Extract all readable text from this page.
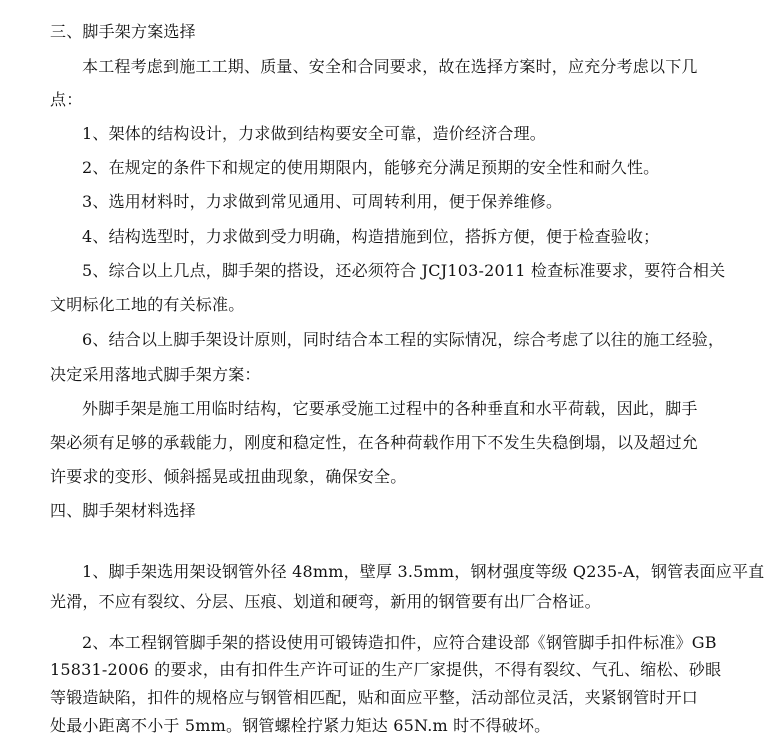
三、脚手架方案选择
本工程考虑到施工工期、质量、安全和合同要求，故在选择方案时，应充分考虑以下几
点：
1、架体的结构设计，力求做到结构要安全可靠，造价经济合理。
2、在规定的条件下和规定的使用期限内，能够充分满足预期的安全性和耐久性。
3、选用材料时，力求做到常见通用、可周转利用，便于保养维修。
4、结构选型时，力求做到受力明确，构造措施到位，搭拆方便，便于检查验收；
5、综合以上几点，脚手架的搭设，还必须符合 JCJ103-2011 检查标准要求，要符合相关
文明标化工地的有关标准。
6、结合以上脚手架设计原则，同时结合本工程的实际情况，综合考虑了以往的施工经验，
决定采用落地式脚手架方案：
外脚手架是施工用临时结构，它要承受施工过程中的各种垂直和水平荷载，因此，脚手
架必须有足够的承载能力，刚度和稳定性，在各种荷载作用下不发生失稳倒塌，以及超过允
许要求的变形、倾斜摇晃或扭曲现象，确保安全。
四、脚手架材料选择
1、脚手架选用架设钢管外径 48mm，壁厚 3.5mm，钢材强度等级 Q235-A，钢管表面应平直
光滑，不应有裂纹、分层、压痕、划道和硬弯，新用的钢管要有出厂合格证。
2、本工程钢管脚手架的搭设使用可锻铸造扣件，应符合建设部《钢管脚手扣件标准》GB
15831-2006 的要求，由有扣件生产许可证的生产厂家提供，不得有裂纹、气孔、缩松、砂眼
等锻造缺陷，扣件的规格应与钢管相匹配，贴和面应平整，活动部位灵活，夹紧钢管时开口
处最小距离不小于 5mm。钢管螺栓拧紧力矩达 65N.m 时不得破坏。
